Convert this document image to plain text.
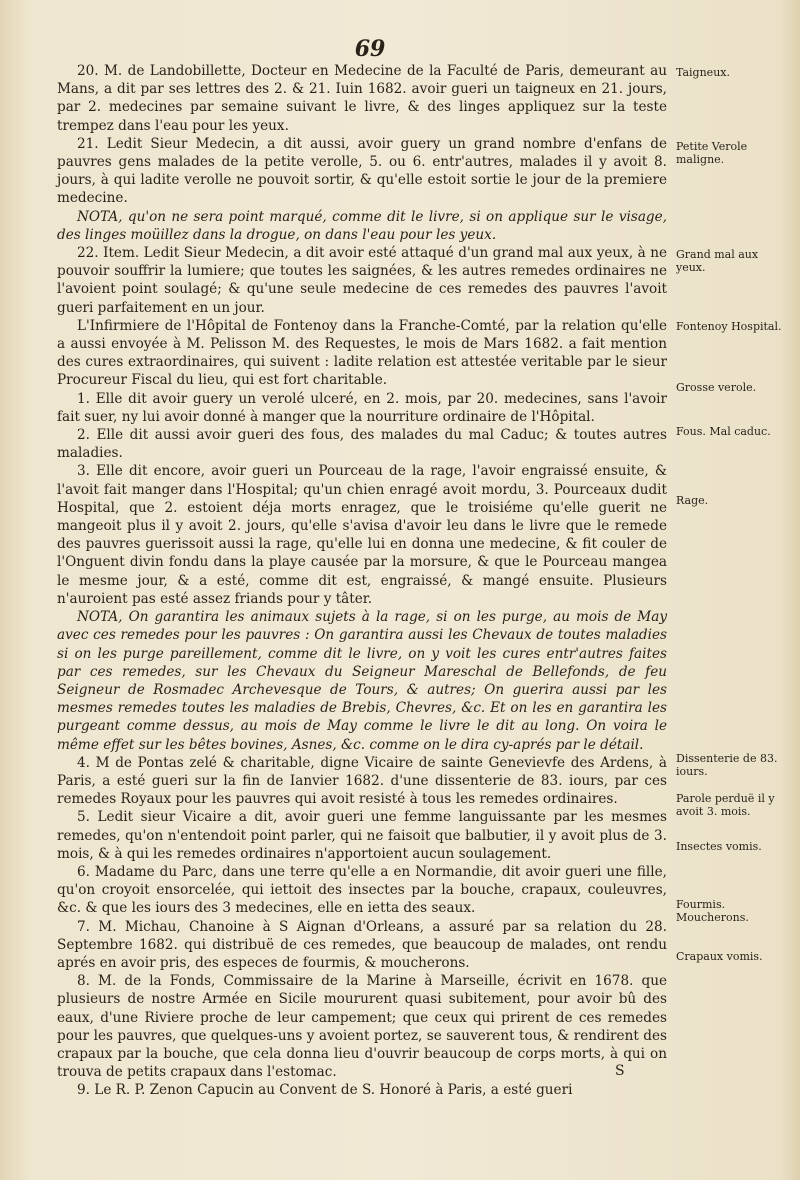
69

20. M. de Landobillette, Docteur en Medecine de la Faculté de Paris, demeurant au Mans, a dit par ses lettres des 2. & 21. Iuin 1682. avoir gueri un taigneux en 21. jours, par 2. medecines par semaine suivant le livre, & des linges appliquez sur la teste trempez dans l'eau pour les yeux.

21. Ledit Sieur Medecin, a dit aussi, avoir guery un grand nombre d'enfans de pauvres gens malades de la petite verolle, 5. ou 6. entr'autres, malades il y avoit 8. jours, à qui ladite verolle ne pouvoit sortir, & qu'elle estoit sortie le jour de la premiere medecine.

NOTA, qu'on ne sera point marqué, comme dit le livre, si on applique sur le visage, des linges moüillez dans la drogue, on dans l'eau pour les yeux.

22. Item. Ledit Sieur Medecin, a dit avoir esté attaqué d'un grand mal aux yeux, à ne pouvoir souffrir la lumiere; que toutes les saignées, & les autres remedes ordinaires ne l'avoient point soulagé; & qu'une seule medecine de ces remedes des pauvres l'avoit gueri parfaitement en un jour.

L'Infirmiere de l'Hôpital de Fontenoy dans la Franche-Comté, par la relation qu'elle a aussi envoyée à M. Pelisson M. des Requestes, le mois de Mars 1682. a fait mention des cures extraordinaires, qui suivent : ladite relation est attestée veritable par le sieur Procureur Fiscal du lieu, qui est fort charitable.

1. Elle dit avoir guery un verolé ulceré, en 2. mois, par 20. medecines, sans l'avoir fait suer, ny lui avoir donné à manger que la nourriture ordinaire de l'Hôpital.

2. Elle dit aussi avoir gueri des fous, des malades du mal Caduc; & toutes autres maladies.

3. Elle dit encore, avoir gueri un Pourceau de la rage, l'avoir engraissé ensuite, & l'avoit fait manger dans l'Hospital; qu'un chien enragé avoit mordu, 3. Pourceaux dudit Hospital, que 2. estoient déja morts enragez, que le troisiéme qu'elle guerit ne mangeoit plus il y avoit 2. jours, qu'elle s'avisa d'avoir leu dans le livre que le remede des pauvres guerissoit aussi la rage, qu'elle lui en donna une medecine, & fit couler de l'Onguent divin fondu dans la playe causée par la morsure, & que le Pourceau mangea le mesme jour, & a esté, comme dit est, engraissé, & mangé ensuite. Plusieurs n'auroient pas esté assez friands pour y tâter.

NOTA, On garantira les animaux sujets à la rage, si on les purge, au mois de May avec ces remedes pour les pauvres : On garantira aussi les Chevaux de toutes maladies si on les purge pareillement, comme dit le livre, on y voit les cures entr'autres faites par ces remedes, sur les Chevaux du Seigneur Mareschal de Bellefonds, de feu Seigneur de Rosmadec Archevesque de Tours, & autres; On guerira aussi par les mesmes remedes toutes les maladies de Brebis, Chevres, &c. Et on les en garantira les purgeant comme dessus, au mois de May comme le livre le dit au long. On voira le même effet sur les bêtes bovines, Asnes, &c. comme on le dira cy-aprés par le détail.

4. M de Pontas zelé & charitable, digne Vicaire de sainte Genevievfe des Ardens, à Paris, a esté gueri sur la fin de Ianvier 1682. d'une dissenterie de 83. iours, par ces remedes Royaux pour les pauvres qui avoit resisté à tous les remedes ordinaires.

5. Ledit sieur Vicaire a dit, avoir gueri une femme languissante par les mesmes remedes, qu'on n'entendoit point parler, qui ne faisoit que balbutier, il y avoit plus de 3. mois, & à qui les remedes ordinaires n'apportoient aucun soulagement.

6. Madame du Parc, dans une terre qu'elle a en Normandie, dit avoir gueri une fille, qu'on croyoit ensorcelée, qui iettoit des insectes par la bouche, crapaux, couleuvres, &c. & que les iours des 3 medecines, elle en ietta des seaux.

7. M. Michau, Chanoine à S Aignan d'Orleans, a assuré par sa relation du 28. Septembre 1682. qui distribuë de ces remedes, que beaucoup de malades, ont rendu aprés en avoir pris, des especes de fourmis, & moucherons.

8. M. de la Fonds, Commissaire de la Marine à Marseille, écrivit en 1678. que plusieurs de nostre Armée en Sicile moururent quasi subitement, pour avoir bû des eaux, d'une Riviere proche de leur campement; que ceux qui prirent de ces remedes pour les pauvres, que quelques-uns y avoient portez, se sauverent tous, & rendirent des crapaux par la bouche, que cela donna lieu d'ouvrir beaucoup de corps morts, à qui on trouva de petits crapaux dans l'estomac.

9. Le R. P. Zenon Capucin au Convent de S. Honoré à Paris, a esté gueri

Taigneux.
Petite Verole maligne.
Grand mal aux yeux.
Fontenoy Hospital.
Grosse verole.
Fous. Mal caduc.
Rage.
Dissenterie de 83. iours.
Parole perduë il y avoit 3. mois.
Insectes vomis.
Fourmis. Moucherons.
Crapaux vomis.
S
